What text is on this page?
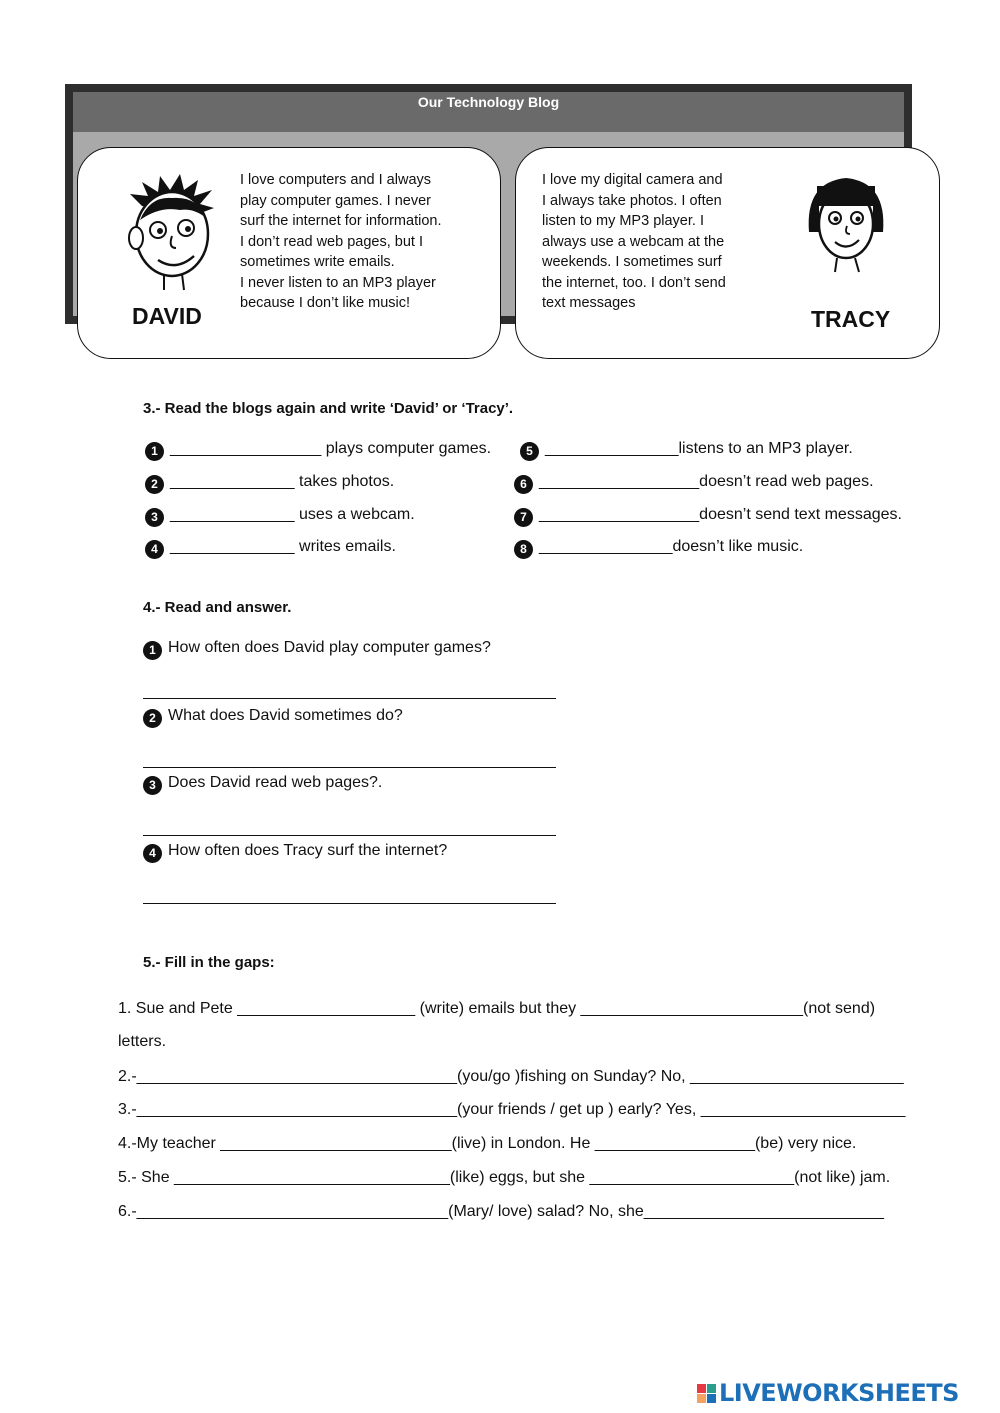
Our Technology Blog

I love computers and I always

play computer games. I never

surf the internet for information.

I don’t read web pages, but I

sometimes write emails.

I never listen to an MP3 player

because I don’t like music!

DAVID

I love my digital camera and

I always take photos. I often

listen to my MP3 player. I

always use a webcam at the

weekends. I sometimes surf

the internet, too. I don’t send

text messages

TRACY
3.- Read the blogs again and write ‘David’ or ‘Tracy’.
1 _________________ plays computer games.
2 ______________ takes photos.
3 ______________ uses a webcam.
4 ______________ writes emails.
5 _______________listens to an MP3 player.
6 __________________doesn’t read web pages.
7 __________________doesn’t send text messages.
8 _______________doesn’t like music.
4.- Read and answer.
1 How often does David play computer games?
2 What does David sometimes do?
3 Does David read web pages?.
4 How often does Tracy surf the internet?
5.- Fill in the gaps:
1. Sue and Pete ____________________ (write) emails but they _________________________(not send)
letters.
2.-____________________________________(you/go )fishing on Sunday? No, ________________________
3.-____________________________________(your friends / get up ) early? Yes, _______________________
4.-My teacher __________________________(live) in London. He __________________(be) very nice.
5.- She _______________________________(like) eggs, but she _______________________(not like) jam.
6.-___________________________________(Mary/ love) salad? No, she___________________________
LIVEWORKSHEETS
